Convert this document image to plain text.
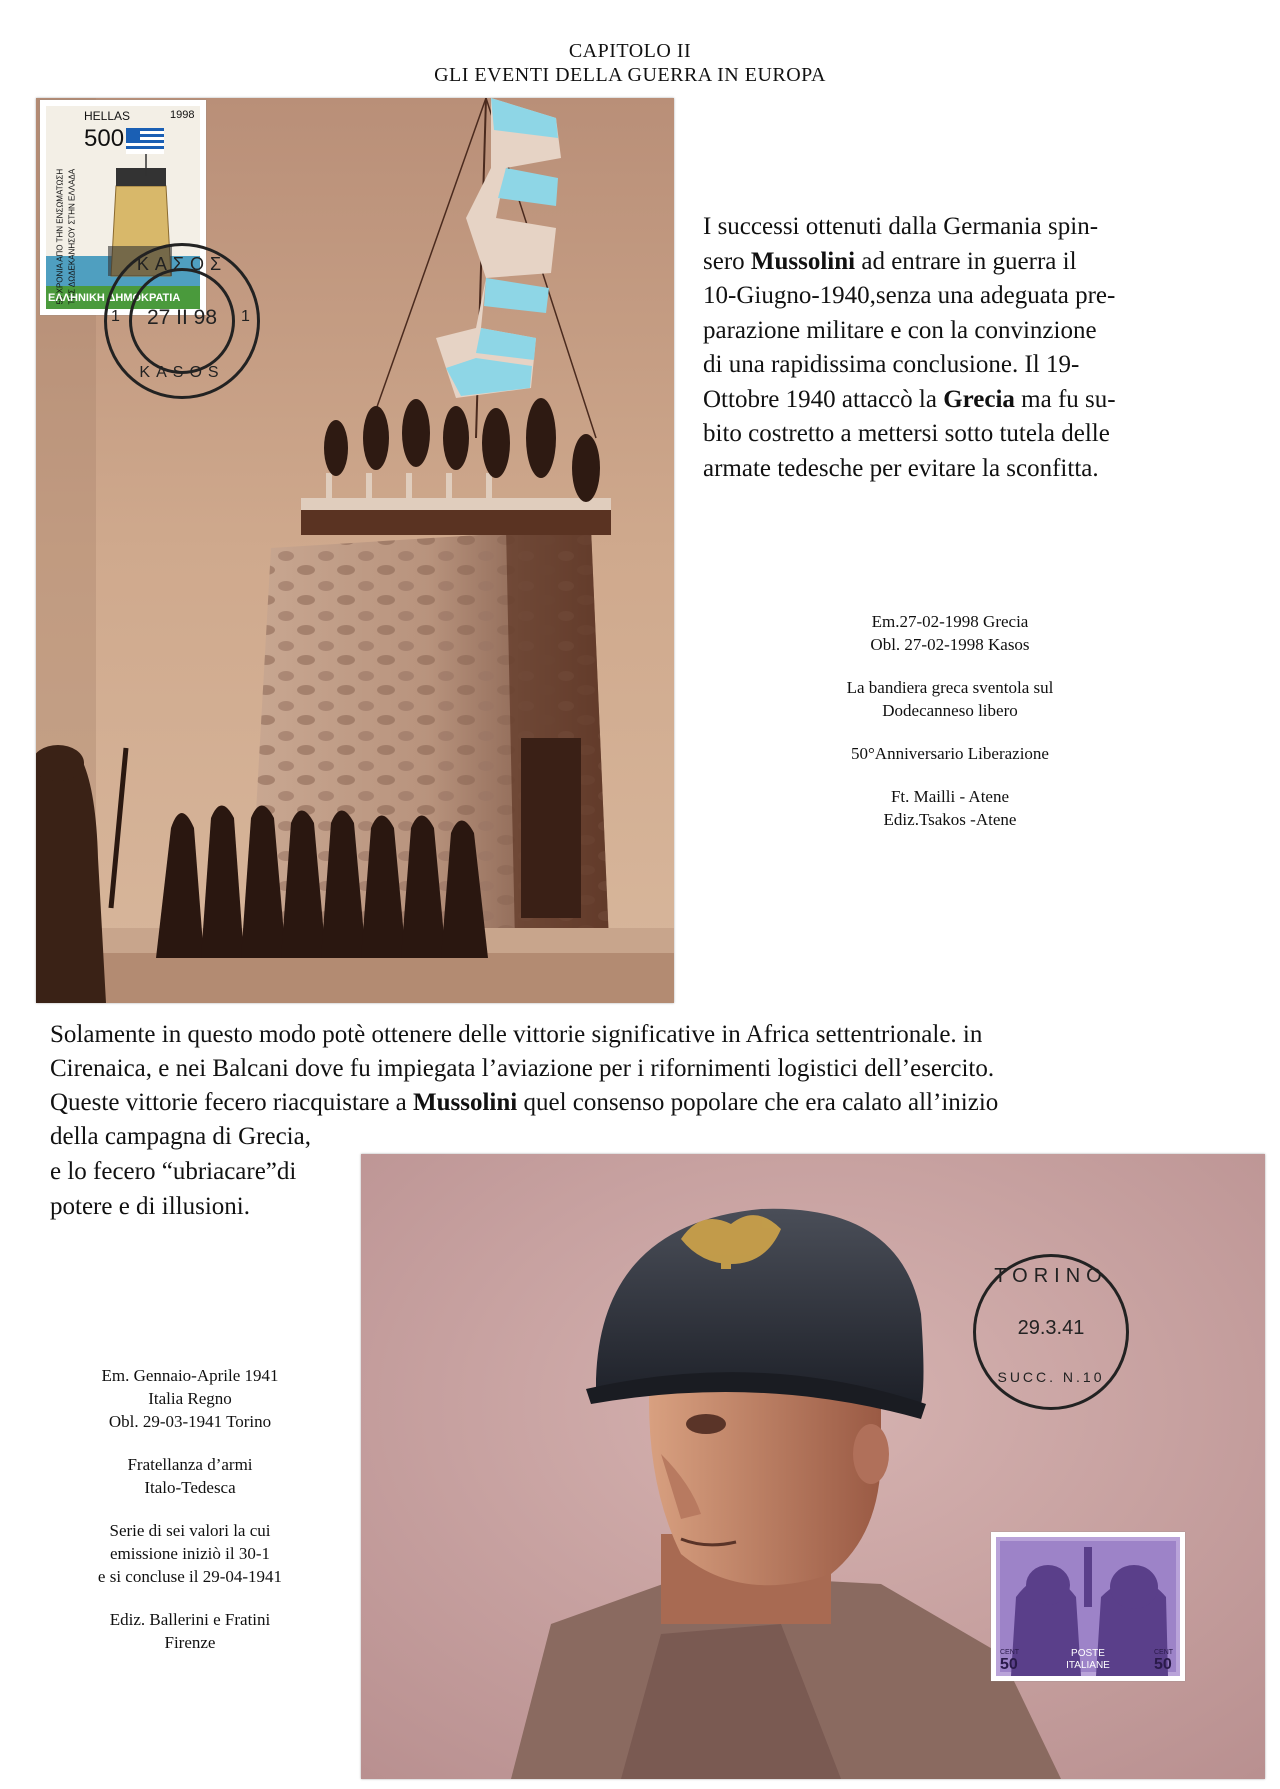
CAPITOLO II
GLI EVENTI DELLA GUERRA IN EUROPA
HELLAS	1998
500
50 ΧΡΟΝΙΑ ΑΠΟ ΤΗΝ ΕΝΣΩΜΑΤΩΣΗ ΤΗΣ ΔΩΔΕΚΑΝΗΣΟΥ ΣΤΗΝ ΕΛΛΑΔΑ
ΕΛΛΗΝΙΚΗ ΔΗΜΟΚΡΑΤΙΑ
ΚΑΣΟΣ
27 II 98
1	1
KASOS
I successi ottenuti dalla Germania spin-
sero Mussolini ad entrare in guerra il
10-Giugno-1940,senza una adeguata pre-
parazione militare e con la convinzione
di una rapidissima conclusione. Il 19-
Ottobre 1940 attaccò la Grecia ma fu su-
bito costretto a mettersi sotto tutela delle
armate tedesche per evitare la sconfitta.

Em.27-02-1998 Grecia

Obl. 27-02-1998 Kasos

La bandiera greca sventola sul

Dodecanneso libero

50°Anniversario Liberazione

Ft. Mailli - Atene

Ediz.Tsakos -Atene

Solamente in questo modo potè ottenere delle vittorie significative in Africa settentrionale. in
Cirenaica, e nei Balcani dove fu impiegata l’aviazione per i rifornimenti logistici dell’esercito.
Queste vittorie fecero riacquistare a Mussolini quel consenso popolare che era calato all’inizio
della campagna di Grecia,
e lo fecero “ubriacare”di
potere e di illusioni.

Em. Gennaio-Aprile 1941

Italia Regno

Obl. 29-03-1941 Torino

Fratellanza d’armi

Italo-Tedesca

Serie di sei valori la cui

emissione iniziò il 30-1

e si concluse il 29-04-1941

Ediz. Ballerini e Fratini

Firenze

TORINO
29.3.41
SUCC. N.10
CENT
50
CENT
50
POSTE
ITALIANE
